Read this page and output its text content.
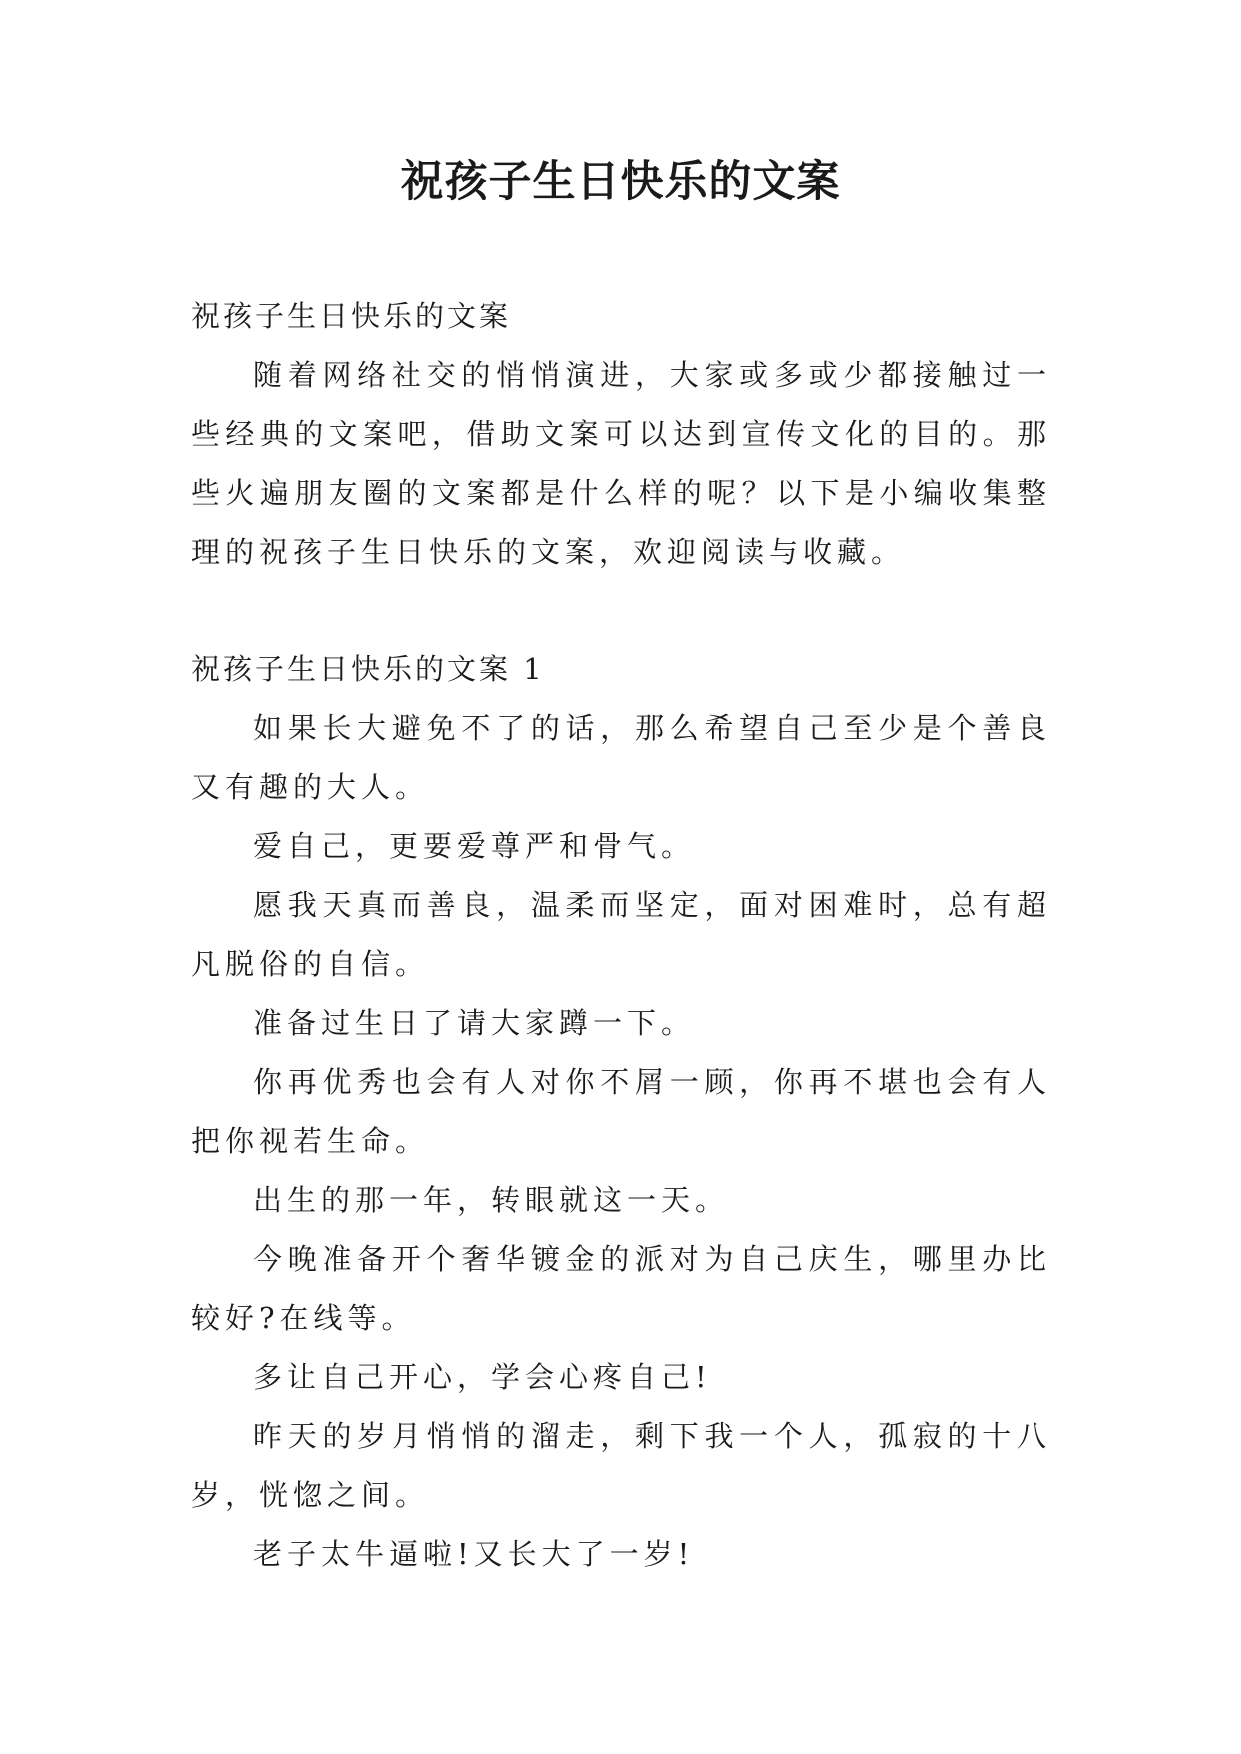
祝孩子生日快乐的文案
祝孩子生日快乐的文案

随着网络社交的悄悄演进，大家或多或少都接触过一些经典的文案吧，借助文案可以达到宣传文化的目的。那些火遍朋友圈的文案都是什么样的呢？以下是小编收集整理的祝孩子生日快乐的文案，欢迎阅读与收藏。

祝孩子生日快乐的文案 1

如果长大避免不了的话，那么希望自己至少是个善良又有趣的大人。

爱自己，更要爱尊严和骨气。

愿我天真而善良，温柔而坚定，面对困难时，总有超凡脱俗的自信。

准备过生日了请大家蹲一下。

你再优秀也会有人对你不屑一顾，你再不堪也会有人把你视若生命。

出生的那一年，转眼就这一天。

今晚准备开个奢华镀金的派对为自己庆生，哪里办比较好?在线等。

多让自己开心，学会心疼自己!

昨天的岁月悄悄的溜走，剩下我一个人，孤寂的十八岁，恍惚之间。

老子太牛逼啦!又长大了一岁!
